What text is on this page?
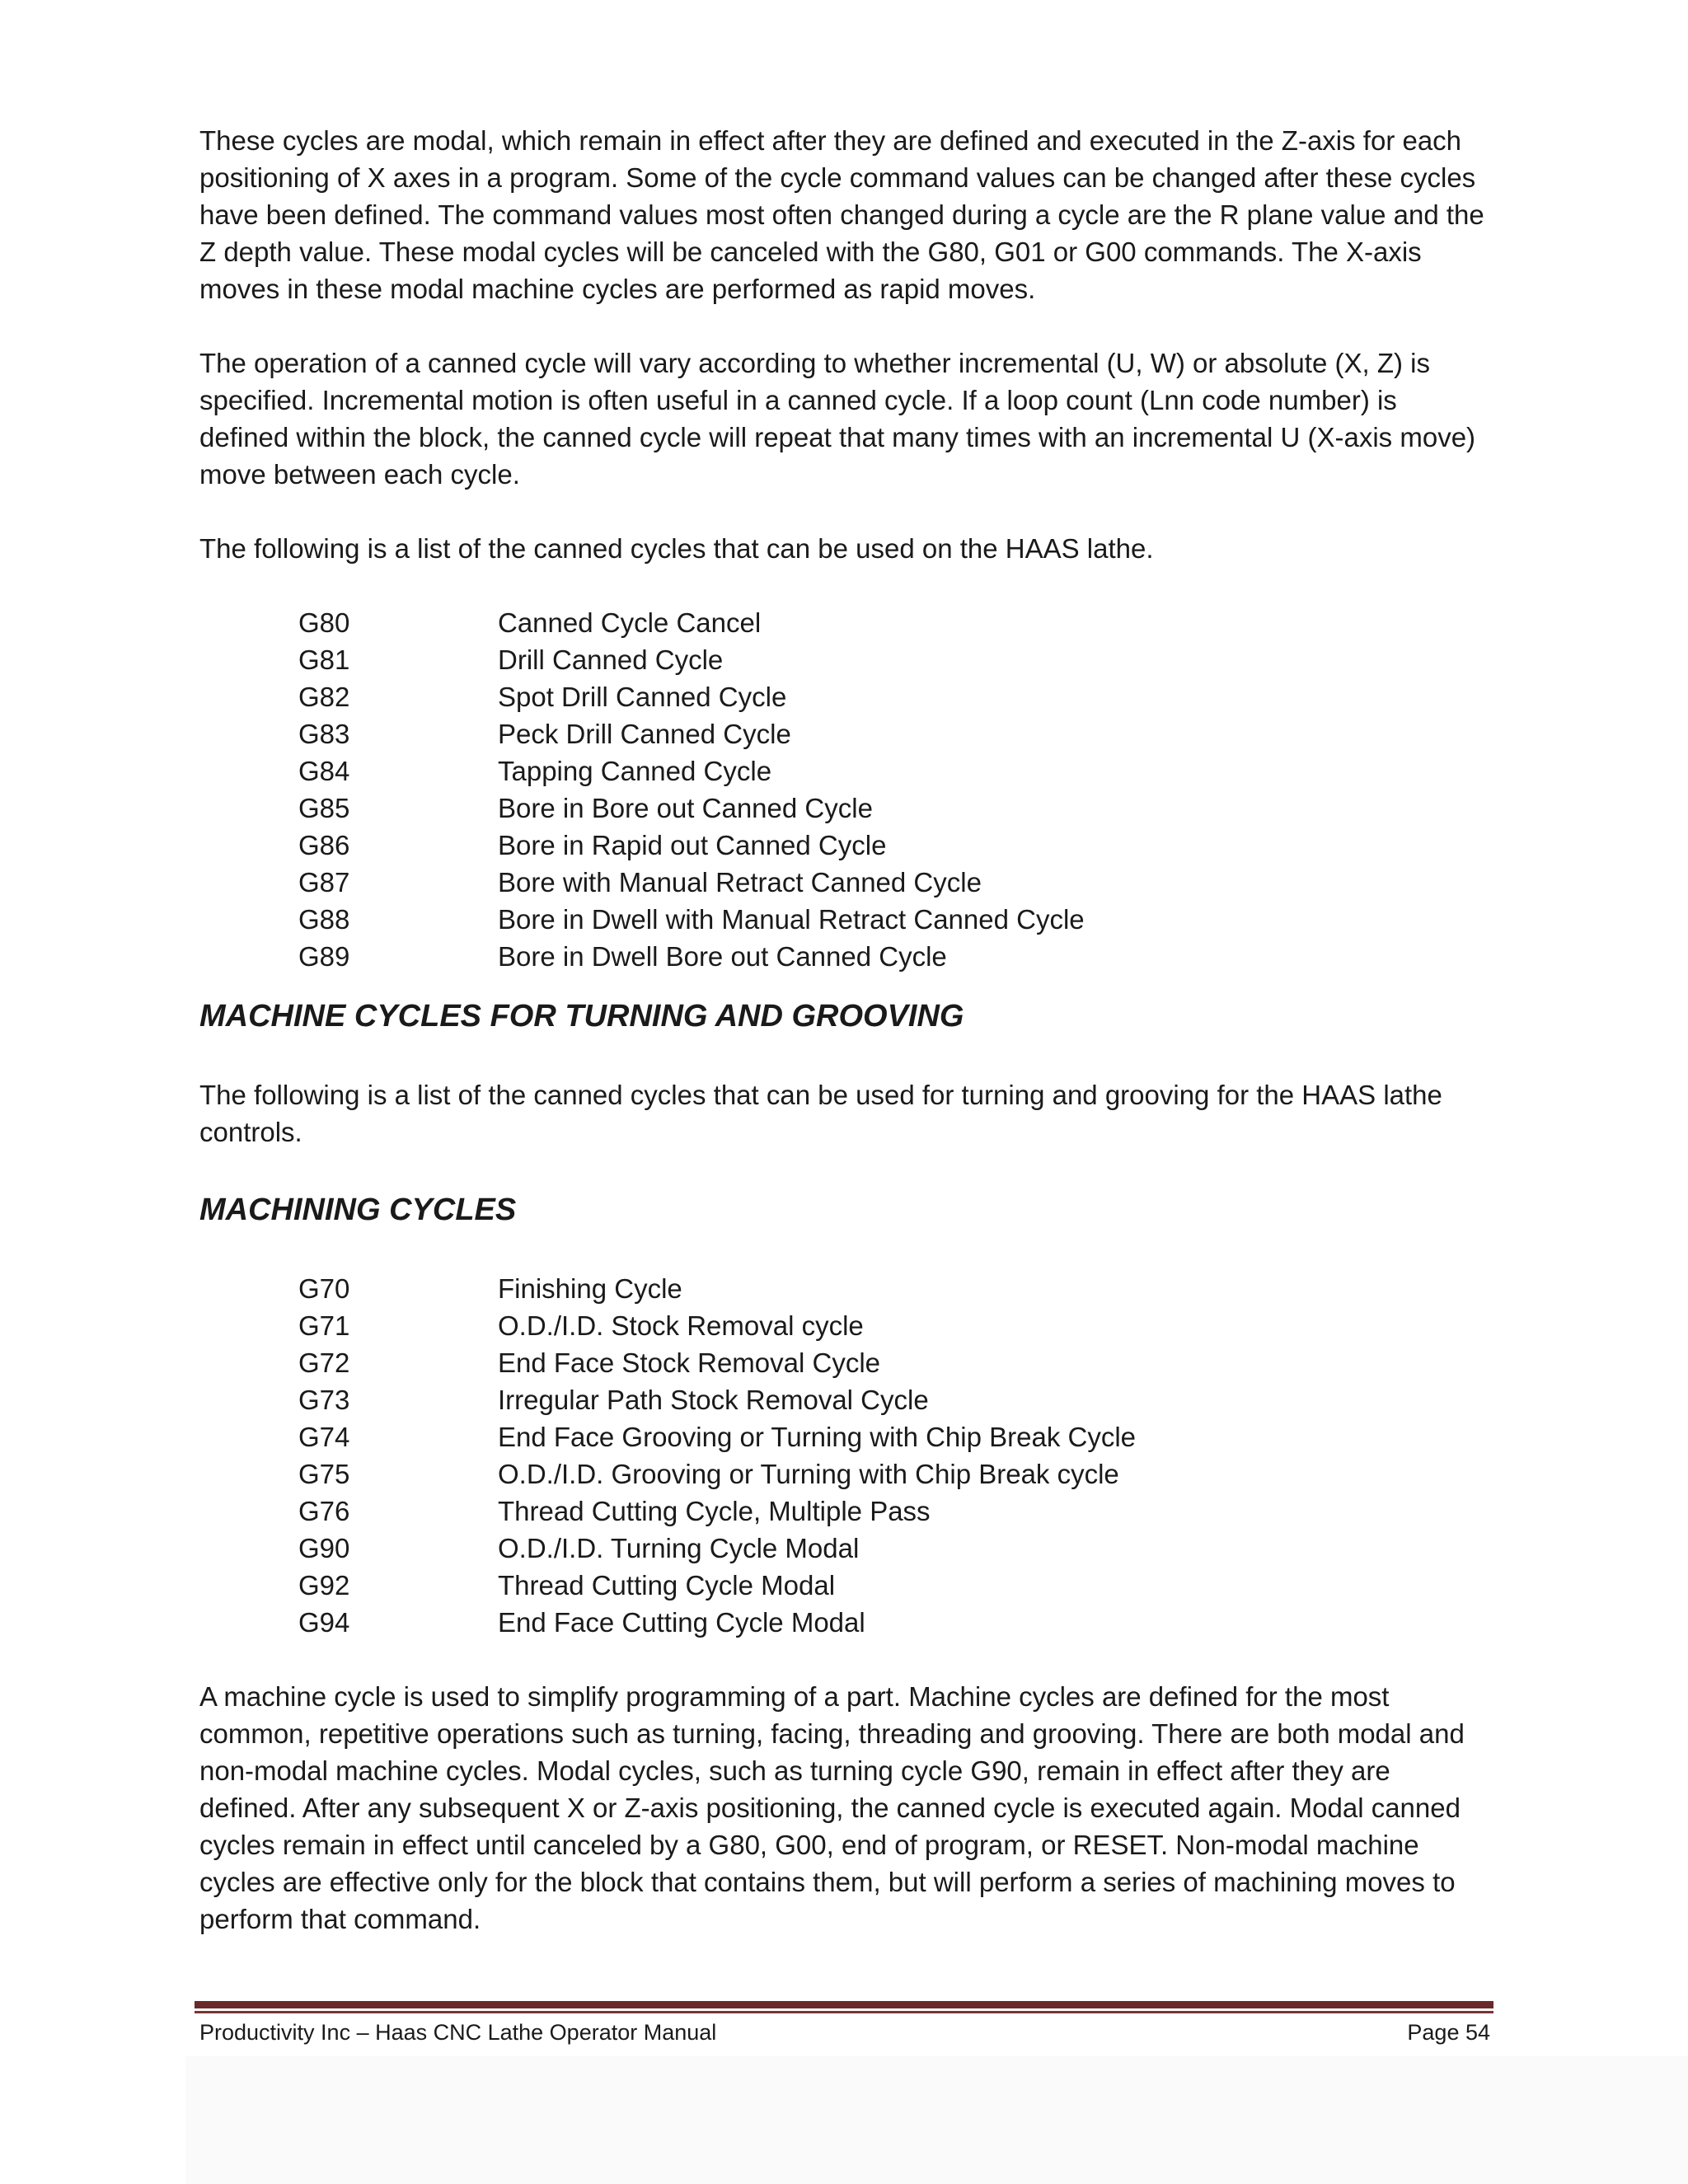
These cycles are modal, which remain in effect after they are defined and executed in the Z-axis for each positioning of X axes in a program. Some of the cycle command values can be changed after these cycles have been defined. The command values most often changed during a cycle are the R plane value and the Z depth value. These modal cycles will be canceled with the G80, G01 or G00 commands. The X-axis moves in these modal machine cycles are performed as rapid moves.

The operation of a canned cycle will vary according to whether incremental (U, W) or absolute (X, Z) is specified. Incremental motion is often useful in a canned cycle. If a loop count (Lnn code number) is defined within the block, the canned cycle will repeat that many times with an incremental U (X-axis move) move between each cycle.

The following is a list of the canned cycles that can be used on the HAAS lathe.

G80	Canned Cycle Cancel
G81	Drill Canned Cycle
G82	Spot Drill Canned Cycle
G83	Peck Drill Canned Cycle
G84	Tapping Canned Cycle
G85	Bore in Bore out Canned Cycle
G86	Bore in Rapid out Canned Cycle
G87	Bore with Manual Retract Canned Cycle
G88	Bore in Dwell with Manual Retract Canned Cycle
G89	Bore in Dwell Bore out Canned Cycle
MACHINE CYCLES FOR TURNING AND GROOVING

The following is a list of the canned cycles that can be used for turning and grooving for the HAAS lathe controls.

MACHINING CYCLES
G70	Finishing Cycle
G71	O.D./I.D. Stock Removal cycle
G72	End Face Stock Removal Cycle
G73	Irregular Path Stock Removal Cycle
G74	End Face Grooving or Turning with Chip Break Cycle
G75	O.D./I.D. Grooving or Turning with Chip Break cycle
G76	Thread Cutting Cycle, Multiple Pass
G90	O.D./I.D. Turning Cycle Modal
G92	Thread Cutting Cycle Modal
G94	End Face Cutting Cycle Modal

A machine cycle is used to simplify programming of a part. Machine cycles are defined for the most common, repetitive operations such as turning, facing, threading and grooving. There are both modal and non-modal machine cycles. Modal cycles, such as turning cycle G90, remain in effect after they are defined. After any subsequent X or Z-axis positioning, the canned cycle is executed again. Modal canned cycles remain in effect until canceled by a G80, G00, end of program, or RESET. Non-modal machine cycles are effective only for the block that contains them, but will perform a series of machining moves to perform that command.

Productivity Inc – Haas CNC Lathe Operator Manual	Page 54
